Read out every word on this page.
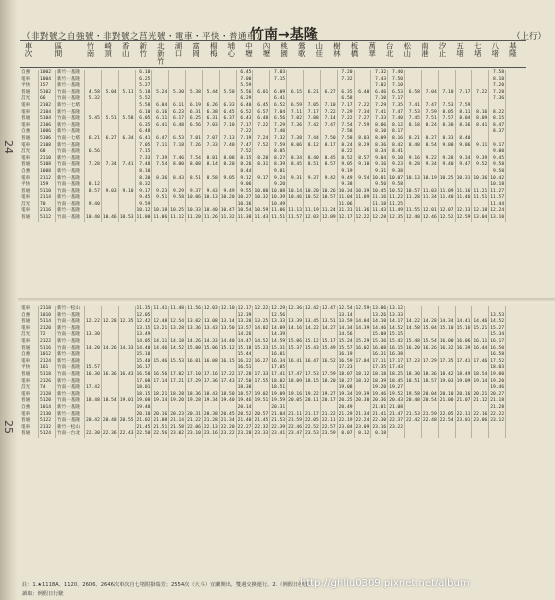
24
25
（非對號之自強號・非對號之莒光號・電車・平快・普通車）
竹南→基隆	（上行）
車次	區間	竹南 崎頂 香山 新竹 北新竹 湖口 富岡 楊梅 埔心 中壢 內壢 桃園 鶯歌 山佳 樹林 板橋 萬華 台北 松山 南港 汐止 五堵 七堵 八堵 基隆
自強	1002	新竹一基隆				6.10						6.45		7.03				7.20		7.32	7.40						7.58
電車	1004	新竹一基隆				6.25						7.00		7.15				7.32		7.43	7.50						8.10
平快	157	新竹一基隆				5.27						5.59								7.02	7.10						7.20
普通	5102	竹南一基隆	4.58	5.04	5.11	5.18	5.24	5.30	5.38	5.44	5.50	5.56	6.01	6.09	6.15	6.21	6.27	6.35	6.40	6.46	6.53	6.58	7.04	7.10	7.17	7.22	7.28
莒光	66	竹南一基隆	5.32			5.52						6.29		6.41				6.58		7.10	7.17						7.36
電車	2102	新竹一七堵				5.58	6.04	6.11	6.19	6.26	6.33	6.40	6.45	6.52	6.59	7.05	7.10	7.17	7.22	7.29	7.35	7.41	7.47	7.53	7.59		
電車	2104	新竹一基隆				6.10	6.16	6.23	6.31	6.38	6.45	6.52	6.57	7.04	7.11	7.17	7.22	7.29	7.34	7.41	7.47	7.53	7.59	8.05	8.11	8.16	8.22
普通	5104	竹南一基隆	5.45	5.51	5.58	6.05	6.11	6.17	6.25	6.31	6.37	6.43	6.48	6.56	7.02	7.08	7.14	7.22	7.27	7.33	7.40	7.45	7.51	7.57	8.04	8.09	8.15
電車	2106	新竹一基隆				6.35	6.41	6.48	6.56	7.03	7.10	7.17	7.22	7.29	7.36	7.42	7.47	7.54	7.59	8.06	8.12	8.18	8.24	8.30	8.36	8.41	8.47
自強	1006	新竹一基隆				6.48						7.22		7.40				7.58		8.10	8.17						8.37
普通	5106	竹南一七堵	6.21	6.27	6.34	6.41	6.47	6.53	7.01	7.07	7.13	7.19	7.24	7.32	7.38	7.44	7.50	7.58	8.03	8.09	8.16	8.21	8.27	8.33	8.40		
電車	2108	新竹一基隆				7.05	7.11	7.18	7.26	7.33	7.40	7.47	7.52	7.59	8.06	8.12	8.17	8.24	8.29	8.36	8.42	8.48	8.54	9.00	9.06	9.11	9.17
莒光	68	竹南一基隆	6.56			7.15						7.52		8.05				8.22		8.34	8.41						9.00
電車	2110	新竹一基隆				7.33	7.39	7.46	7.54	8.01	8.08	8.15	8.20	8.27	8.34	8.40	8.45	8.52	8.57	9.04	9.10	9.16	9.22	9.28	9.34	9.39	9.45
普通	5108	竹南一基隆	7.28	7.34	7.41	7.48	7.54	8.00	8.08	8.14	8.20	8.26	8.31	8.39	8.45	8.51	8.57	9.05	9.10	9.16	9.23	9.28	9.34	9.40	9.47	9.52	9.58
自強	1008	新竹一基隆				8.10						8.44		9.01				9.19		9.31	9.38						9.58
電車	2112	新竹一基隆				8.30	8.36	8.43	8.51	8.58	9.05	9.12	9.17	9.24	9.31	9.37	9.42	9.49	9.54	10.01	10.07	10.13	10.19	10.25	10.31	10.36	10.42
平快	159	竹南一基隆	8.12			8.32						9.06		9.20				9.38		9.50	9.58						10.18
普通	5110	竹南一基隆	8.57	9.03	9.10	9.17	9.23	9.29	9.37	9.43	9.49	9.55	10.00	10.08	10.14	10.20	10.26	10.34	10.39	10.45	10.52	10.57	11.03	11.09	11.16	11.21	11.27
電車	2114	新竹一基隆				9.45	9.51	9.58	10.06	10.13	10.20	10.27	10.32	10.39	10.46	10.52	10.57	11.04	11.09	11.16	11.22	11.28	11.34	11.40	11.46	11.51	11.57
莒光	70	竹南一基隆	9.40			9.59						10.36		10.49				11.06		11.18	11.25						11.44
電車	2116	新竹一基隆				10.12	10.18	10.25	10.33	10.40	10.47	10.54	10.59	11.06	11.13	11.19	11.24	11.31	11.36	11.43	11.49	11.55	12.01	12.07	12.13	12.18	12.24
普通	5112	竹南一基隆	10.40	10.46	10.53	11.00	11.06	11.12	11.20	11.26	11.32	11.38	11.43	11.51	11.57	12.03	12.09	12.17	12.22	12.28	12.35	12.40	12.46	12.52	12.59	13.04	13.10
電車	2118	新竹一松山				11.35	11.41	11.48	11.56	12.03	12.10	12.17	12.22	12.29	12.36	12.42	12.47	12.54	12.59	13.06	13.12						
自強	1010	新竹一基隆				12.05						12.39		12.56				13.14		13.26	13.33						13.53
普通	5114	竹南一基隆	12.22	12.28	12.35	12.42	12.48	12.54	13.02	13.08	13.14	13.20	13.25	13.33	13.39	13.45	13.51	13.59	14.04	14.10	14.17	14.22	14.28	14.34	14.41	14.46	14.52
電車	2120	新竹一基隆				13.15	13.21	13.28	13.36	13.43	13.50	13.57	14.02	14.09	14.16	14.22	14.27	14.34	14.39	14.46	14.52	14.58	15.04	15.10	15.16	15.21	15.27
莒光	72	竹南一基隆	13.30			13.49						14.26		14.39				14.56		15.08	15.15						15.34
電車	2122	新竹一基隆				14.05	14.11	14.18	14.26	14.33	14.40	14.47	14.52	14.59	15.06	15.12	15.17	15.24	15.29	15.36	15.42	15.48	15.54	16.00	16.06	16.11	16.17
普通	5116	竹南一基隆	14.20	14.26	14.33	14.40	14.46	14.52	15.00	15.06	15.12	15.18	15.23	15.31	15.37	15.43	15.49	15.57	16.02	16.08	16.15	16.20	16.26	16.32	16.39	16.44	16.50
自強	1012	新竹一基隆				15.10						15.44		16.01				16.19		16.31	16.38						16.58
電車	2124	新竹一基隆				15.40	15.46	15.53	16.01	16.08	16.15	16.22	16.27	16.34	16.41	16.47	16.52	16.59	17.04	17.11	17.17	17.23	17.29	17.35	17.41	17.46	17.52
平快	161	竹南一基隆	15.57			16.17						16.51		17.05				17.23		17.35	17.43						18.03
普通	5118	竹南一基隆	16.30	16.36	16.43	16.50	16.56	17.02	17.10	17.16	17.22	17.28	17.33	17.41	17.47	17.53	17.59	18.07	18.12	18.18	18.25	18.30	18.36	18.42	18.49	18.54	19.00
電車	2126	新竹一基隆				17.08	17.14	17.21	17.29	17.36	17.43	17.50	17.55	18.02	18.09	18.15	18.20	18.27	18.32	18.39	18.45	18.51	18.57	19.03	19.09	19.14	19.20
莒光	74	竹南一基隆	17.42			18.01						18.38		18.51				19.08		19.20	19.27						19.46
電車	2128	新竹一基隆				18.15	18.21	18.28	18.36	18.43	18.50	18.57	19.02	19.09	19.16	19.22	19.27	19.34	19.39	19.46	19.52	19.58	20.04	20.10	20.16	20.21	20.27
普通	5120	竹南一基隆	18.48	18.54	19.01	19.08	19.14	19.20	19.28	19.34	19.40	19.46	19.51	19.59	20.05	20.11	20.17	20.25	20.30	20.36	20.43	20.48	20.54	21.00	21.07	21.12	21.18
自強	1014	新竹一基隆				19.40						20.14		20.31				20.49		21.01	21.08						21.28
電車	2130	新竹一基隆				20.10	20.16	20.23	20.31	20.38	20.45	20.52	20.57	21.04	21.11	21.17	21.22	21.29	21.34	21.41	21.47	21.53	21.59	22.05	22.11	22.16	22.22
普通	5122	竹南一基隆	20.42	20.48	20.55	21.02	21.08	21.14	21.22	21.28	21.34	21.40	21.45	21.53	21.59	22.05	22.11	22.19	22.24	22.30	22.37	22.42	22.48	22.54	23.01	23.06	23.12
電車	2132	新竹一松山				21.45	21.51	21.58	22.06	22.13	22.20	22.27	22.32	22.39	22.46	22.52	22.57	23.04	23.09	23.16	23.22						
普通	5124	竹南一台北	22.30	22.36	22.43	22.50	22.56	23.02	23.10	23.16	23.22	23.28	23.33	23.41	23.47	23.53	23.59	0.07	0.12	0.18							
註：1.★1118A、1120、2606、2646次車次自七堵附掛瑞芳；2554次（大斗）宜蘭開出，雙週交換運行。2.（例假日停駛）
讀取：例假日行駛
http://ghliu0309.pixnet.net/album
